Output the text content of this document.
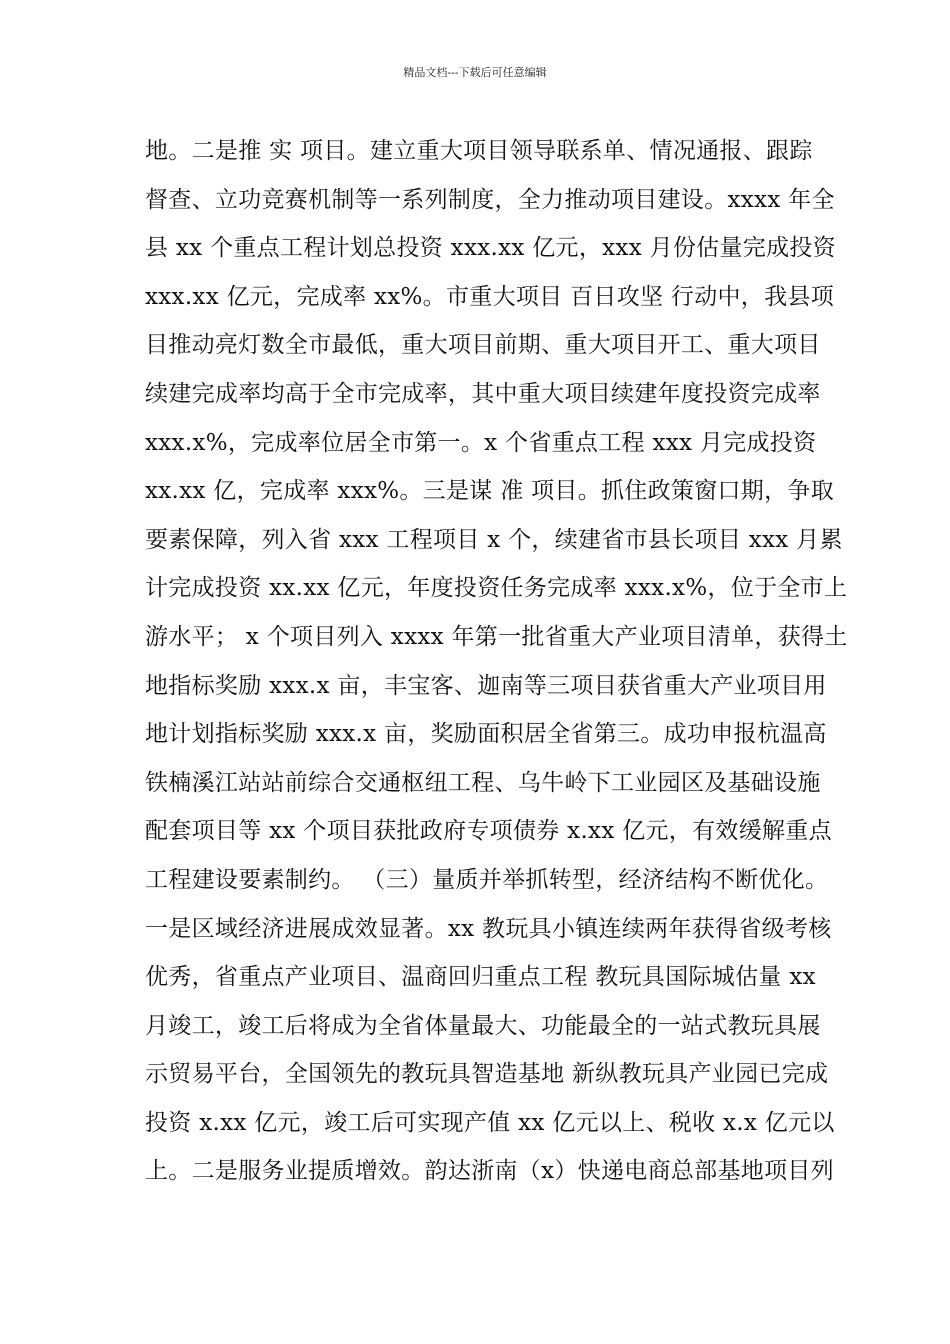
精品文档---下载后可任意编辑
地。二是推 实 项目。建立重大项目领导联系单、情况通报、跟踪
督查、立功竞赛机制等一系列制度，全力推动项目建设。xxxx 年全
县 xx 个重点工程计划总投资 xxx.xx 亿元，xxx 月份估量完成投资
xxx.xx 亿元，完成率 xx%。市重大项目 百日攻坚 行动中，我县项
目推动亮灯数全市最低，重大项目前期、重大项目开工、重大项目
续建完成率均高于全市完成率，其中重大项目续建年度投资完成率
xxx.x%，完成率位居全市第一。x 个省重点工程 xxx 月完成投资
xx.xx 亿，完成率 xxx%。三是谋 准 项目。抓住政策窗口期，争取
要素保障，列入省 xxx 工程项目 x 个，续建省市县长项目 xxx 月累
计完成投资 xx.xx 亿元，年度投资任务完成率 xxx.x%，位于全市上
游水平； x 个项目列入 xxxx 年第一批省重大产业项目清单，获得土
地指标奖励 xxx.x 亩，丰宝客、迦南等三项目获省重大产业项目用
地计划指标奖励 xxx.x 亩，奖励面积居全省第三。成功申报杭温高
铁楠溪江站站前综合交通枢纽工程、乌牛岭下工业园区及基础设施
配套项目等 xx 个项目获批政府专项债券 x.xx 亿元，有效缓解重点
工程建设要素制约。 （三）量质并举抓转型，经济结构不断优化。
一是区域经济进展成效显著。xx 教玩具小镇连续两年获得省级考核
优秀，省重点产业项目、温商回归重点工程 教玩具国际城估量 xx
月竣工，竣工后将成为全省体量最大、功能最全的一站式教玩具展
示贸易平台，全国领先的教玩具智造基地 新纵教玩具产业园已完成
投资 x.xx 亿元，竣工后可实现产值 xx 亿元以上、税收 x.x 亿元以
上。二是服务业提质增效。韵达浙南（x）快递电商总部基地项目列
